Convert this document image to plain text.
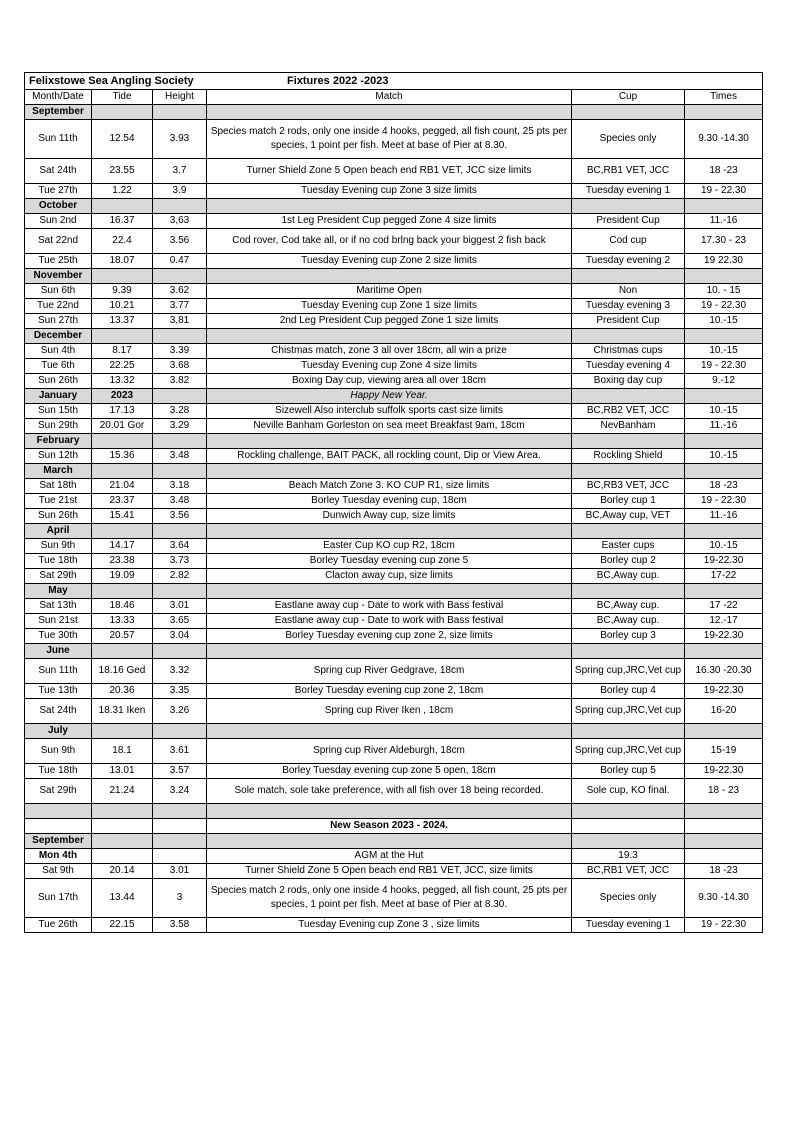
Felixstowe Sea Angling Society Fixtures 2022 -2023					
Month/Date	Tide	Height	Match	Cup	Times
September					
Sun 11th	12.54	3.93	Species match 2 rods, only one inside 4 hooks, pegged, all fish count, 25 pts per species, 1 point per fish. Meet at base of Pier at 8.30.	Species only	9.30 -14.30
Sat 24th	23.55	3.7	Turner Shield Zone 5 Open beach end RB1 VET, JCC size limits	BC,RB1 VET, JCC	18 -23
Tue 27th	1.22	3.9	Tuesday Evening cup Zone 3 size limits	Tuesday evening 1	19 - 22.30
October					
Sun 2nd	16.37	3,63	1st Leg President Cup pegged Zone 4 size limits	President Cup	11.-16
Sat 22nd	22.4	3.56	Cod rover, Cod take all, or if no cod brlng back your biggest 2 fish back	Cod cup	17.30 - 23
Tue 25th	18.07	0.47	Tuesday Evening cup Zone 2 size limits	Tuesday evening 2	19 22.30
November					
Sun 6th	9.39	3.62	Maritime Open	Non	10. - 15
Tue 22nd	10.21	3.77	Tuesday Evening cup Zone 1 size limits	Tuesday evening 3	19 - 22.30
Sun 27th	13.37	3,81	2nd Leg President Cup pegged Zone 1 size limits	President Cup	10.-15
December					
Sun 4th	8.17	3.39	Chistmas match, zone 3 all over 18cm, all win a prize	Christmas cups	10.-15
Tue 6th	22.25	3.68	Tuesday Evening cup Zone 4 size limits	Tuesday evening 4	19 - 22.30
Sun 26th	13.32	3.82	Boxing Day cup, viewing area all over 18cm	Boxing day cup	9.-12
January	2023		Happy New Year.		
Sun 15th	17.13	3.28	Sizewell Also interclub suffolk sports cast size limits	BC,RB2 VET, JCC	10.-15
Sun 29th	20.01 Gor	3.29	Neville Banham Gorleston on sea meet Breakfast 9am, 18cm	NevBanham	11.-16
February					
Sun 12th	15.36	3.48	Rockling challenge, BAIT PACK, all rockling count, Dip or View Area.	Rockling Shield	10.-15
March					
Sat 18th	21.04	3.18	Beach Match Zone 3. KO CUP R1, size limits	BC,RB3 VET, JCC	18 -23
Tue 21st	23.37	3.48	Borley Tuesday evening cup, 18cm	Borley cup 1	19 - 22.30
Sun 26th	15.41	3.56	Dunwich Away cup, size limits	BC,Away cup, VET	11.-16
April					
Sun 9th	14.17	3.64	Easter Cup KO cup R2, 18cm	Easter cups	10.-15
Tue 18th	23.38	3.73	Borley Tuesday evening cup zone 5	Borley cup 2	19-22.30
Sat 29th	19.09	2.82	Clacton away cup, size limits	BC,Away cup.	17-22
May					
Sat 13th	18.46	3.01	Eastlane away cup - Date to work with Bass festival	BC,Away cup.	17 -22
Sun 21st	13.33	3.65	Eastlane away cup - Date to work with Bass festival	BC,Away cup.	12.-17
Tue 30th	20.57	3.04	Borley Tuesday evening cup zone 2, size limits	Borley cup 3	19-22.30
June					
Sun 11th	18.16 Ged	3.32	Spring cup River Gedgrave, 18cm	Spring cup,JRC,Vet cup	16.30 -20.30
Tue 13th	20.36	3.35	Borley Tuesday evening cup zone 2, 18cm	Borley cup 4	19-22.30
Sat 24th	18.31 Iken	3.26	Spring cup River Iken , 18cm	Spring cup,JRC,Vet cup	16-20
July					
Sun 9th	18.1	3.61	Spring cup River Aldeburgh, 18cm	Spring cup,JRC,Vet cup	15-19
Tue 18th	13.01	3.57	Borley Tuesday evening cup zone 5 open, 18cm	Borley cup 5	19-22.30
Sat 29th	21.24	3.24	Sole match, sole take preference, with all fish over 18 being recorded.	Sole cup, KO final.	18 - 23

			New Season 2023 - 2024.		
September					
Mon 4th			AGM at the Hut	19.3	
Sat 9th	20.14	3.01	Turner Shield Zone 5 Open beach end RB1 VET, JCC, size limits	BC,RB1 VET, JCC	18 -23
Sun 17th	13.44	3	Species match 2 rods, only one inside 4 hooks, pegged, all fish count, 25 pts per species, 1 point per fish. Meet at base of Pier at 8.30.	Species only	9.30 -14.30
Tue 26th	22.15	3.58	Tuesday Evening cup Zone 3 , size limits	Tuesday evening 1	19 - 22.30
